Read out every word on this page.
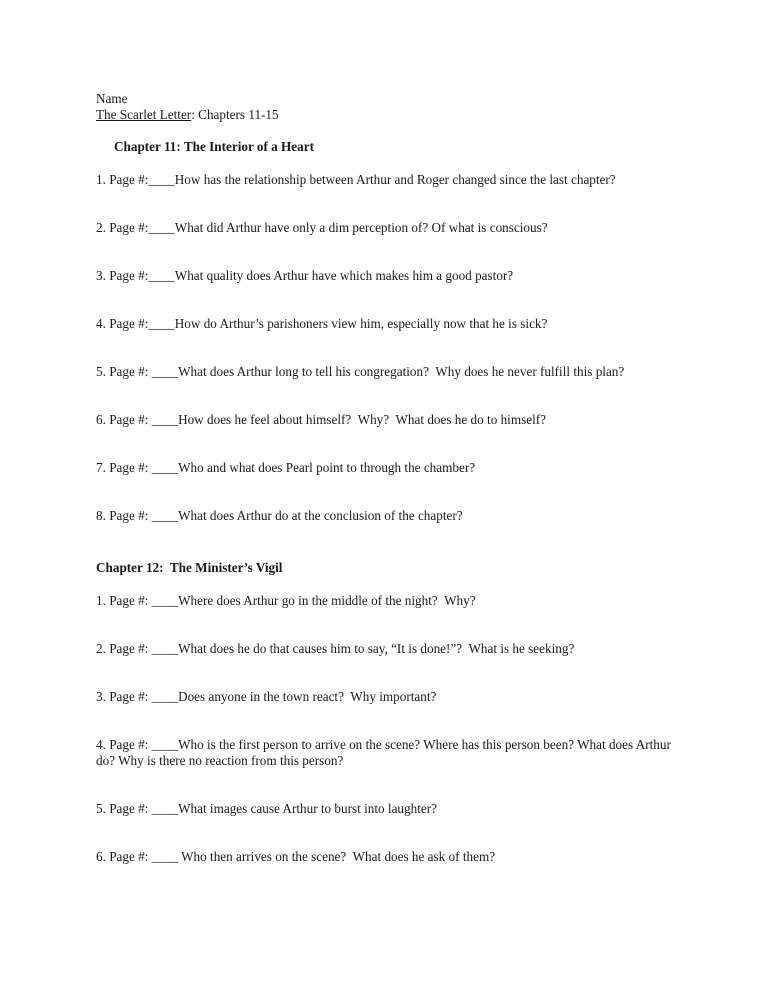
Name
The Scarlet Letter: Chapters 11-15
Chapter 11: The Interior of a Heart
1. Page #:____How has the relationship between Arthur and Roger changed since the last chapter?
2. Page #:____What did Arthur have only a dim perception of? Of what is conscious?
3. Page #:____What quality does Arthur have which makes him a good pastor?
4. Page #:____How do Arthur’s parishoners view him, especially now that he is sick?
5. Page #: ____What does Arthur long to tell his congregation?  Why does he never fulfill this plan?
6. Page #: ____How does he feel about himself?  Why?  What does he do to himself?
7. Page #: ____Who and what does Pearl point to through the chamber?
8. Page #: ____What does Arthur do at the conclusion of the chapter?
Chapter 12:  The Minister’s Vigil
1. Page #: ____Where does Arthur go in the middle of the night?  Why?
2. Page #: ____What does he do that causes him to say, “It is done!”?  What is he seeking?
3. Page #: ____Does anyone in the town react?  Why important?
4. Page #: ____Who is the first person to arrive on the scene? Where has this person been? What does Arthur do? Why is there no reaction from this person?
5. Page #: ____What images cause Arthur to burst into laughter?
6. Page #: ____ Who then arrives on the scene?  What does he ask of them?
